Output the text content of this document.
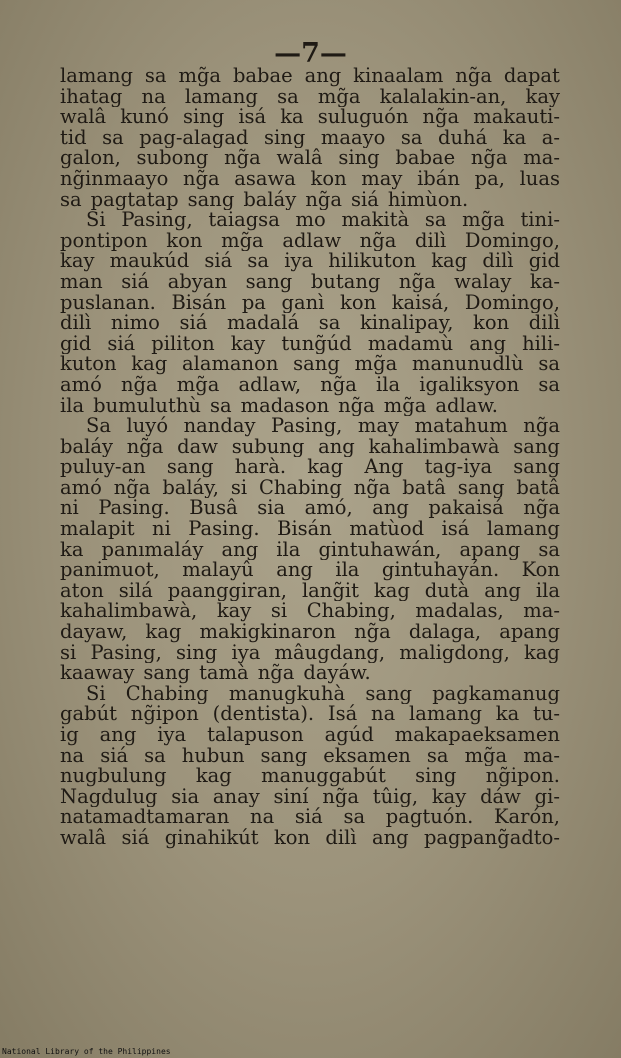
—7—
lamang sa mg̃a babae ang kinaalam ng̃a dapat
ihatag na lamang sa mg̃a kalalakin-an, kay
walâ kunó sing isá ka suluguón ng̃a makauti-
tid sa pag-alagad sing maayo sa duhá ka a-
galon, subong ng̃a walâ sing babae ng̃a ma-
ng̃inmaayo ng̃a asawa kon may ibán pa, luas
sa pagtatap sang baláy ng̃a siá himùon.
Si Pasing, taiagsa mo makità sa mg̃a tini-
pontipon kon mg̃a adlaw ng̃a dilì Domingo,
kay maukúd siá sa iya hilikuton kag dilì gid
man siá abyan sang butang ng̃a walay ka-
puslanan. Bisán pa ganì kon kaisá, Domingo,
dilì nimo siá madalá sa kinalipay, kon dilì
gid siá piliton kay tung̃úd madamù ang hili-
kuton kag alamanon sang mg̃a manunudlù sa
amó ng̃a mg̃a adlaw, ng̃a ila igaliksyon sa
ila bumuluthù sa madason ng̃a mg̃a adlaw.
Sa luyó nanday Pasing, may matahum ng̃a
baláy ng̃a daw subung ang kahalimbawà sang
puluy-an sang harà. kag Ang tag-iya sang
amó ng̃a baláy, si Chabing ng̃a batâ sang batâ
ni Pasing. Busâ sia amó, ang pakaisá ng̃a
malapit ni Pasing. Bisán matùod isá lamang
ka panımaláy ang ila gintuhawán, apang sa
panimuot, malayû ang ila gintuhayán. Kon
aton silá paanggiran, lang̃it kag dutà ang ila
kahalimbawà, kay si Chabing, madalas, ma-
dayaw, kag makigkinaron ng̃a dalaga, apang
si Pasing, sing iya mâugdang, maligdong, kag
kaaway sang tamà ng̃a dayáw.
Si Chabing manugkuhà sang pagkamanug
gabút ng̃ipon (dentista). Isá na lamang ka tu-
ig ang iya talapuson agúd makapaeksamen
na siá sa hubun sang eksamen sa mg̃a ma-
nugbulung kag manuggabút sing ng̃ipon.
Nagdulug sia anay siní ng̃a tûig, kay dáw gi-
natamadtamaran na siá sa pagtuón. Karón,
walâ siá ginahikút kon dilì ang pagpang̃adto-
National Library of the Philippines
